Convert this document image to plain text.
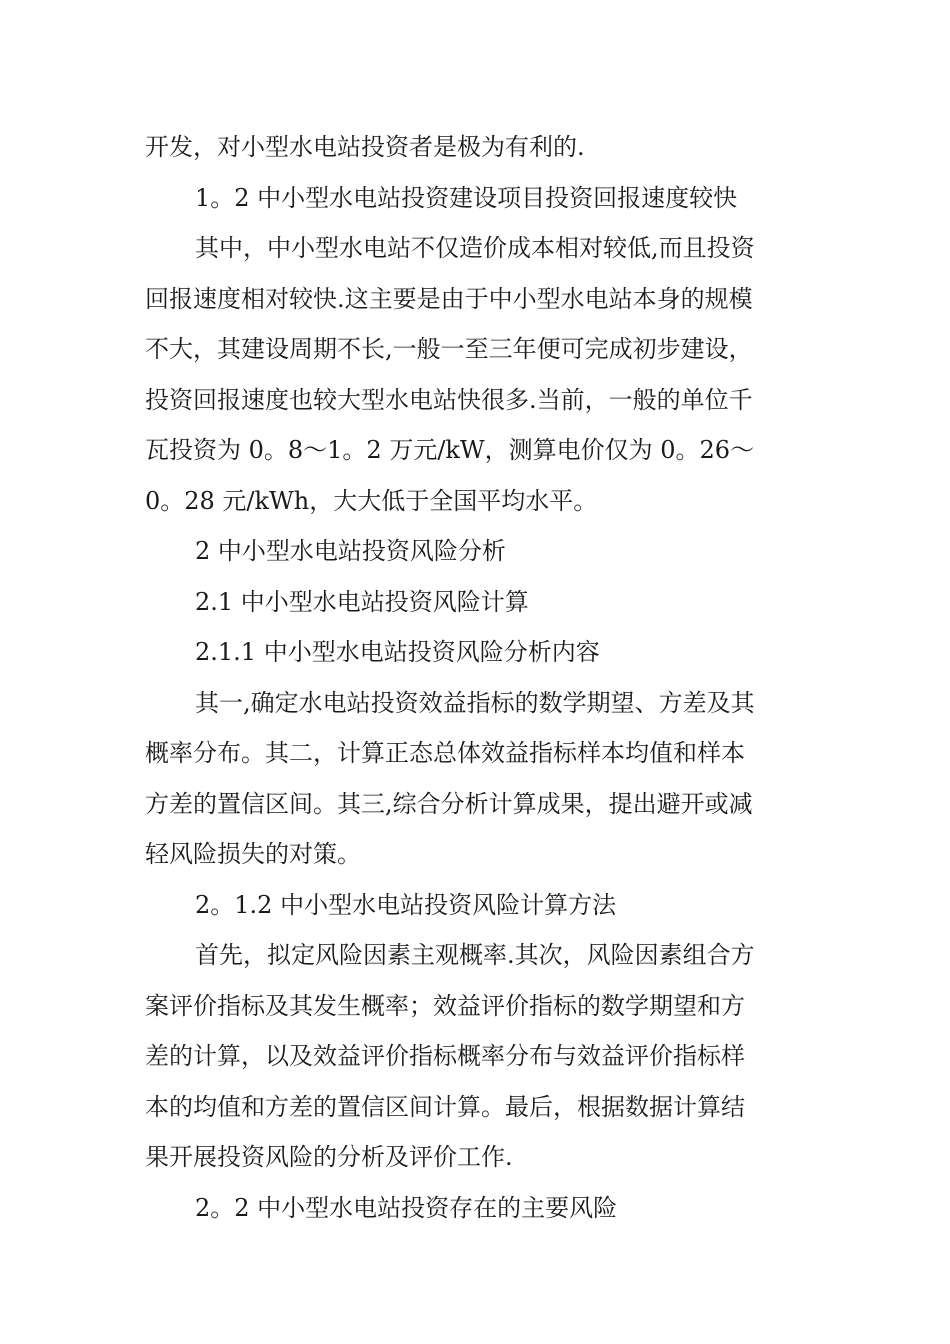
开发，对小型水电站投资者是极为有利的.
1。2 中小型水电站投资建设项目投资回报速度较快
其中，中小型水电站不仅造价成本相对较低,而且投资
回报速度相对较快.这主要是由于中小型水电站本身的规模
不大，其建设周期不长,一般一至三年便可完成初步建设，
投资回报速度也较大型水电站快很多.当前，一般的单位千
瓦投资为 0。8～1。2 万元/kW，测算电价仅为 0。26～
0。28 元/kWh，大大低于全国平均水平。
2 中小型水电站投资风险分析
2.1 中小型水电站投资风险计算
2.1.1 中小型水电站投资风险分析内容
其一,确定水电站投资效益指标的数学期望、方差及其
概率分布。其二，计算正态总体效益指标样本均值和样本
方差的置信区间。其三,综合分析计算成果，提出避开或减
轻风险损失的对策。
2。1.2 中小型水电站投资风险计算方法
首先，拟定风险因素主观概率.其次，风险因素组合方
案评价指标及其发生概率；效益评价指标的数学期望和方
差的计算，以及效益评价指标概率分布与效益评价指标样
本的均值和方差的置信区间计算。最后，根据数据计算结
果开展投资风险的分析及评价工作.
2。2 中小型水电站投资存在的主要风险
